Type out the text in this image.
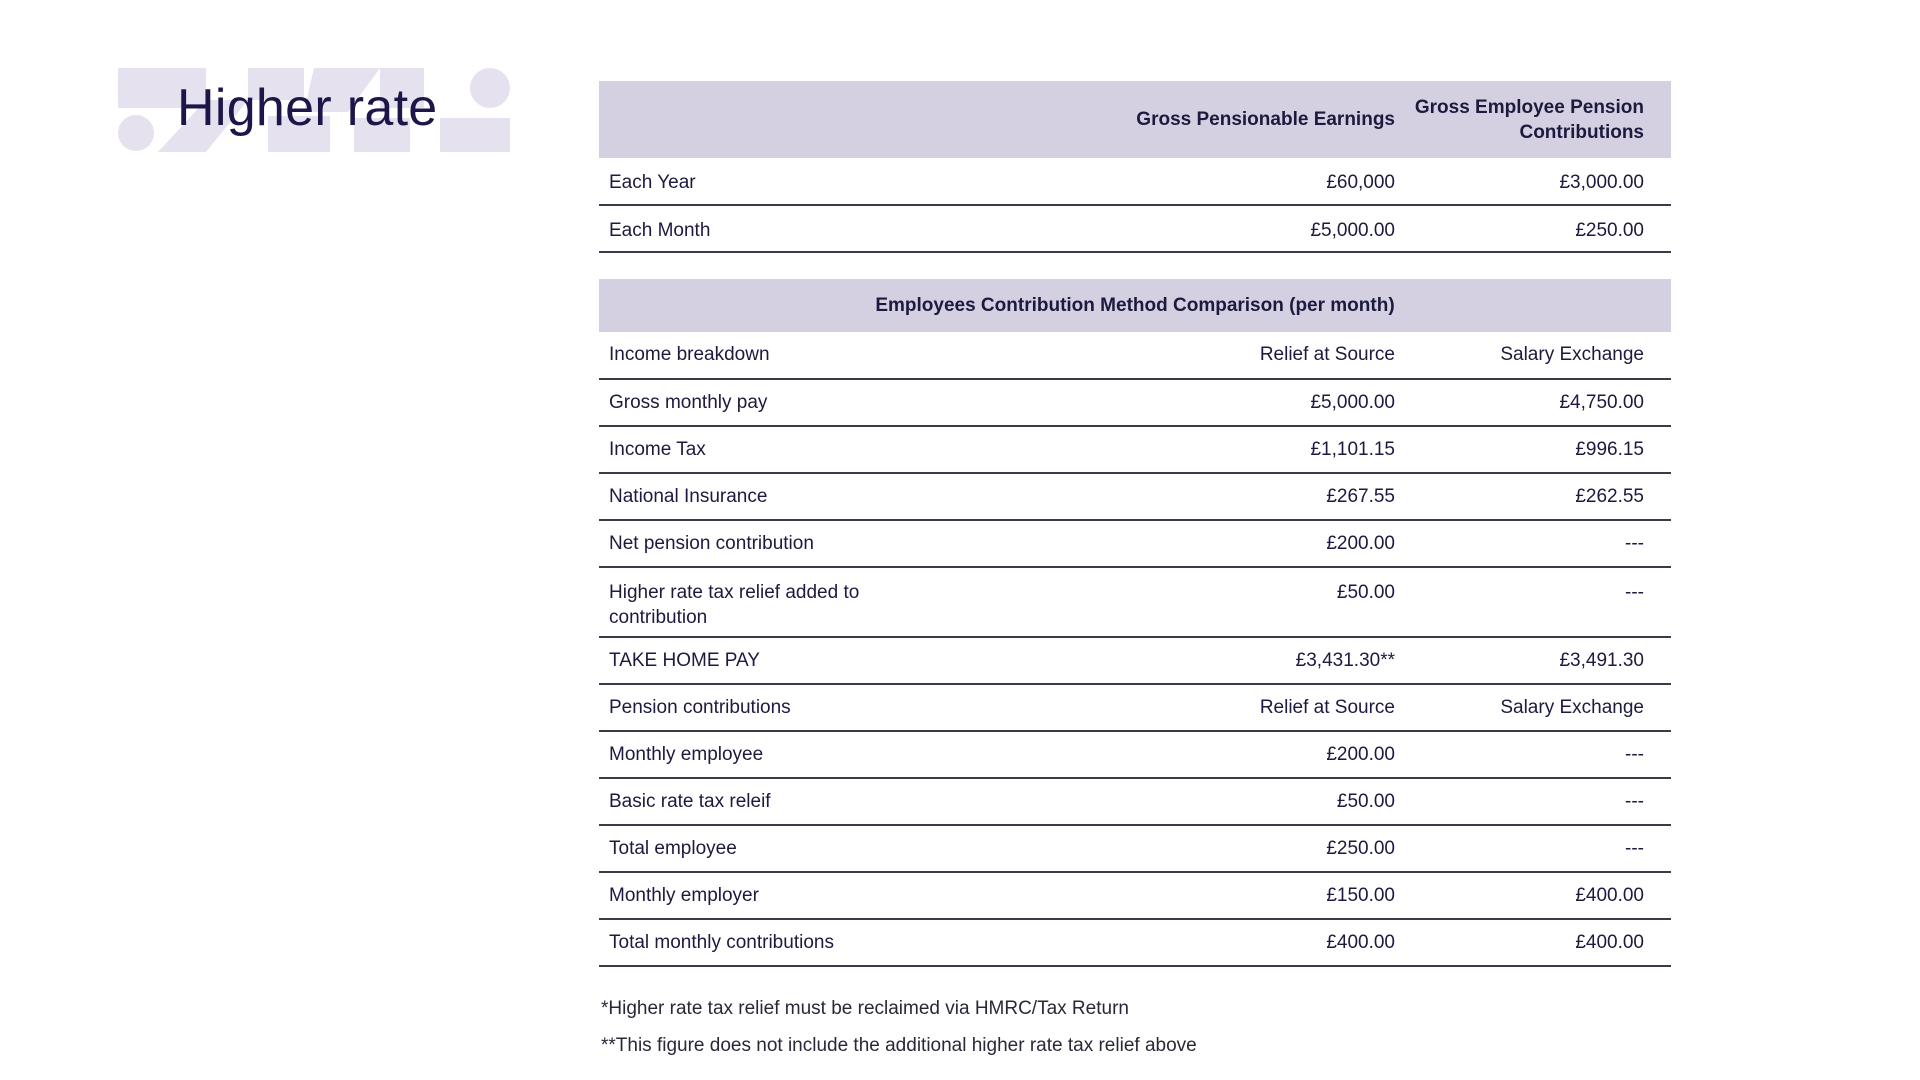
Higher rate
		Gross Pensionable Earnings	Gross Employee Pension Contributions
Each Year	£60,000	£3,000.00
Each Month	£5,000.00	£250.00
Employees Contribution Method Comparison (per month)		
Income breakdown	Relief at Source	Salary Exchange
Gross monthly pay	£5,000.00	£4,750.00
Income Tax	£1,101.15	£996.15
National Insurance	£267.55	£262.55
Net pension contribution	£200.00	---
Higher rate tax relief added to contribution	£50.00	---
TAKE HOME PAY	£3,431.30**	£3,491.30
Pension contributions	Relief at Source	Salary Exchange
Monthly employee	£200.00	---
Basic rate tax releif	£50.00	---
Total employee	£250.00	---
Monthly employer	£150.00	£400.00
Total monthly contributions	£400.00	£400.00
*Higher rate tax relief must be reclaimed via HMRC/Tax Return
**This figure does not include the additional higher rate tax relief above
